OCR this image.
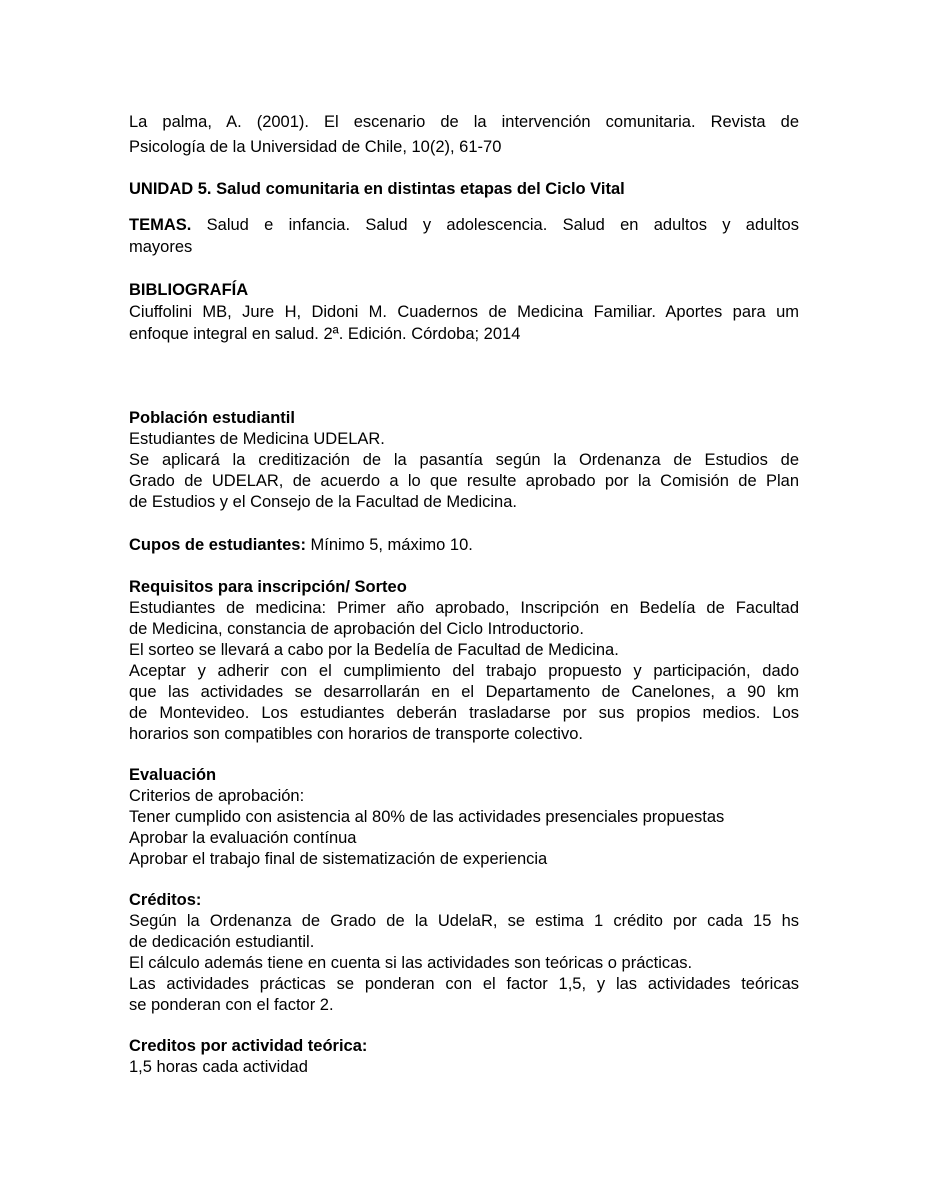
La palma, A. (2001). El escenario de la intervención comunitaria. Revista de

Psicología de la Universidad de Chile, 10(2), 61-70

UNIDAD 5. Salud comunitaria en distintas etapas del Ciclo Vital

TEMAS. Salud e infancia. Salud y adolescencia. Salud en adultos y adultos

mayores

BIBLIOGRAFÍA

Ciuffolini MB, Jure H, Didoni M. Cuadernos de Medicina Familiar. Aportes para um

enfoque integral en salud. 2ª. Edición. Córdoba; 2014

Población estudiantil

Estudiantes de Medicina UDELAR.

Se aplicará la creditización de la pasantía según la Ordenanza de Estudios de

Grado de UDELAR, de acuerdo a lo que resulte aprobado por la Comisión de Plan

de Estudios y el Consejo de la Facultad de Medicina.

Cupos de estudiantes: Mínimo 5, máximo 10.

Requisitos para inscripción/ Sorteo

Estudiantes de medicina: Primer año aprobado, Inscripción en Bedelía de Facultad

de Medicina, constancia de aprobación del Ciclo Introductorio.

El sorteo se llevará a cabo por la Bedelía de Facultad de Medicina.

Aceptar y adherir con el cumplimiento del trabajo propuesto y participación, dado

que las actividades se desarrollarán en el Departamento de Canelones, a 90 km

de Montevideo. Los estudiantes deberán trasladarse por sus propios medios. Los

horarios son compatibles con horarios de transporte colectivo.

Evaluación

Criterios de aprobación:

Tener cumplido con asistencia al 80% de las actividades presenciales propuestas

Aprobar la evaluación contínua

Aprobar el trabajo final de sistematización de experiencia

Créditos:

Según la Ordenanza de Grado de la UdelaR, se estima 1 crédito por cada 15 hs

de dedicación estudiantil.

El cálculo además tiene en cuenta si las actividades son teóricas o prácticas.

Las actividades prácticas se ponderan con el factor 1,5, y las actividades teóricas

se ponderan con el factor 2.

Creditos por actividad teórica:

1,5 horas cada actividad
